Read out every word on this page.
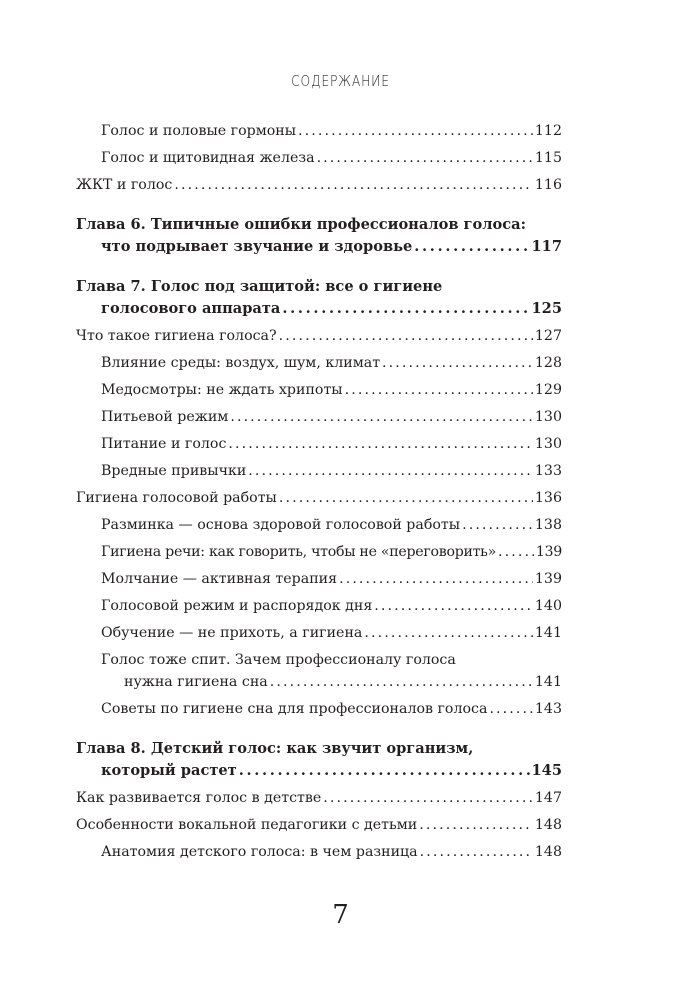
СОДЕРЖАНИЕ
Голос и половые гормоны . . .	112
Голос и щитовидная железа . . .	115
ЖКТ и голос . . .	116
Глава 6. Типичные ошибки профессионалов голоса:
что подрывает звучание и здоровье . . .	117
Глава 7. Голос под защитой: все о гигиене
голосового аппарата . . .	125
Что такое гигиена голоса? . . .	127
Влияние среды: воздух, шум, климат . . .	128
Медосмотры: не ждать хрипоты . . .	129
Питьевой режим . . .	130
Питание и голос . . .	130
Вредные привычки . . .	133
Гигиена голосовой работы . . .	136
Разминка — основа здоровой голосовой работы . . .	138
Гигиена речи: как говорить, чтобы не «переговорить» . . .	139
Молчание — активная терапия . . .	139
Голосовой режим и распорядок дня . . .	140
Обучение — не прихоть, а гигиена . . .	141
Голос тоже спит. Зачем профессионалу голоса
нужна гигиена сна . . .	141
Советы по гигиене сна для профессионалов голоса . . .	143
Глава 8. Детский голос: как звучит организм,
который растет . . .	145
Как развивается голос в детстве . . .	147
Особенности вокальной педагогики с детьми . . .	148
Анатомия детского голоса: в чем разница . . .	148
7
